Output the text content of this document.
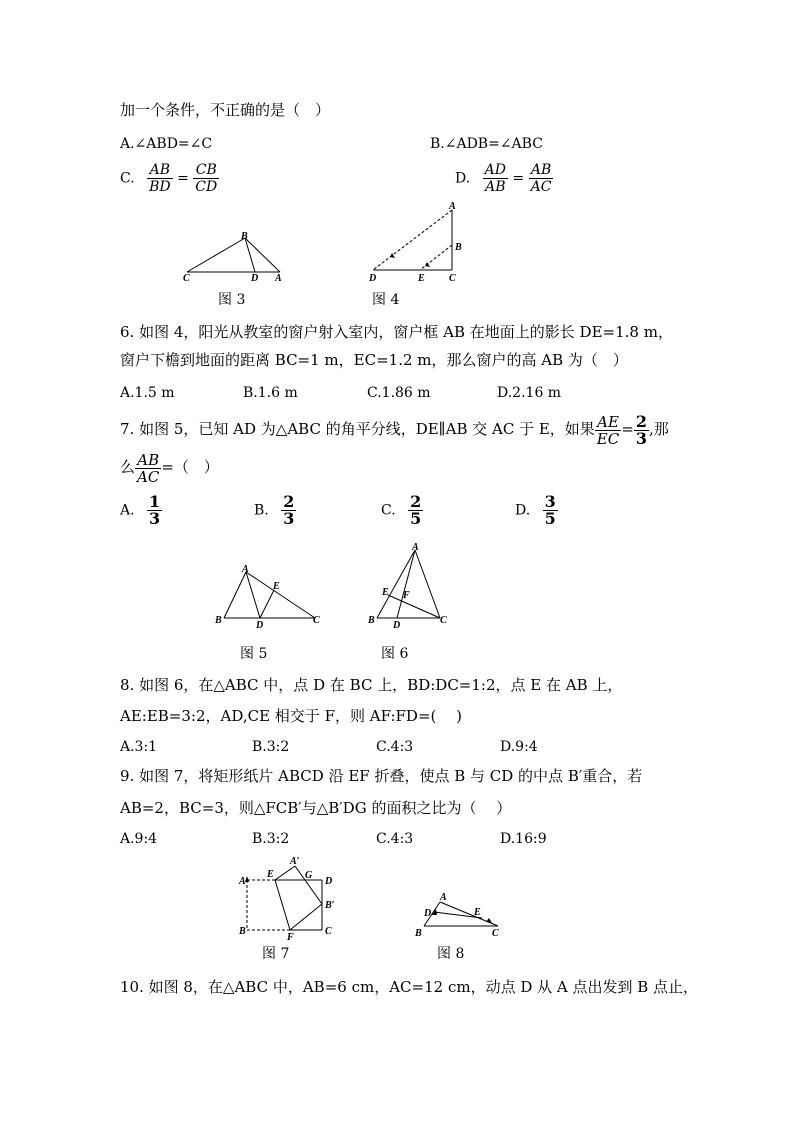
加一个条件，不正确的是（　）
A.∠ABD=∠C	B.∠ADB=∠ABC
C. $\frac{AB}{BD} = \frac{CB}{CD}$	D. $\frac{AD}{AB} = \frac{AB}{AC}$
B
C	D A
图 3
A
B
D	E C
图 4
6. 如图 4，阳光从教室的窗户射入室内，窗户框 AB 在地面上的影长 DE=1.8 m，
窗户下檐到地面的距离 BC=1 m，EC=1.2 m，那么窗户的高 AB 为（　）
A.1.5 m	B.1.6 m	C.1.86 m	D.2.16 m
7. 如图 5，已知 AD 为△ABC 的角平分线，DE∥AB 交 AC 于 E，如果 $\frac{AE}{EC} = \frac{2}{3}$ ,那
么 $\frac{AB}{AC}$ =（　）
A. $\frac{1}{3}$	B. $\frac{2}{3}$	C. $\frac{2}{5}$	D. $\frac{3}{5}$
A
E
B	D	C
图 5
A
E F
B D	C
图 6
8. 如图 6，在△ABC 中，点 D 在 BC 上，BD:DC=1:2，点 E 在 AB 上，
AE:EB=3:2，AD,CE 相交于 F，则 AF:FD=(　 )
A.3:1	B.3:2	C.4:3	D.9:4
9. 如图 7，将矩形纸片 ABCD 沿 EF 折叠，使点 B 与 CD 的中点 B′重合，若
AB=2，BC=3，则△FCB′与△B′DG 的面积之比为（　 ）
A.9:4	B.3:2	C.4:3	D.16:9
A
E
A′
G
D
B′
B
F
C
图 7
A
D	E
B	C
图 8
10. 如图 8，在△ABC 中，AB=6 cm，AC=12 cm，动点 D 从 A 点出发到 B 点止，
